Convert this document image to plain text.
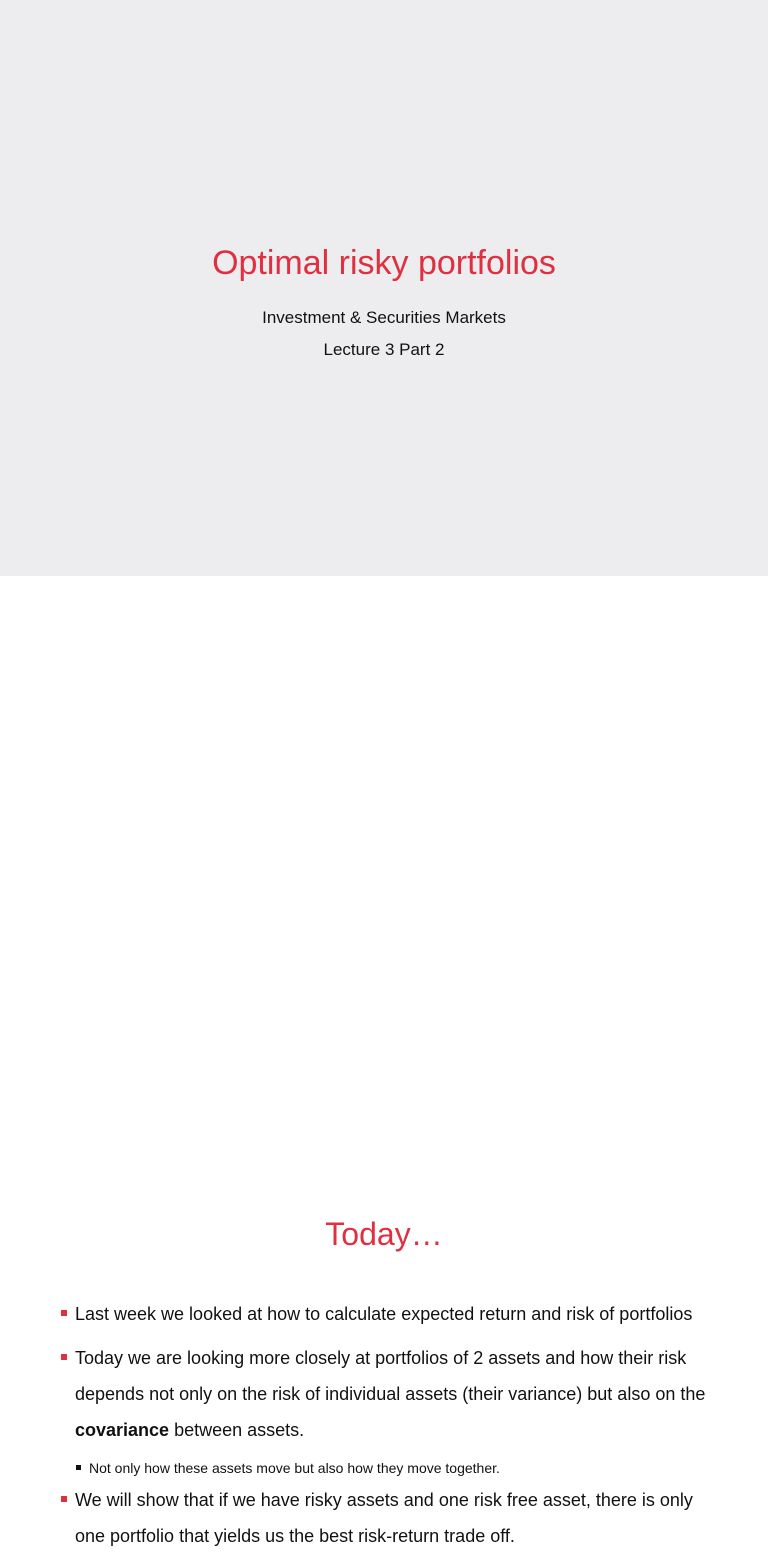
Optimal risky portfolios

Investment & Securities Markets

Lecture 3 Part 2

Today…
Last week we looked at how to calculate expected return and risk of portfolios
Today we are looking more closely at portfolios of 2 assets and how their risk depends not only on the risk of individual assets (their variance) but also on the covariance between assets.
Not only how these assets move but also how they move together.
We will show that if we have risky assets and one risk free asset, there is only one portfolio that yields us the best risk-return trade off.
